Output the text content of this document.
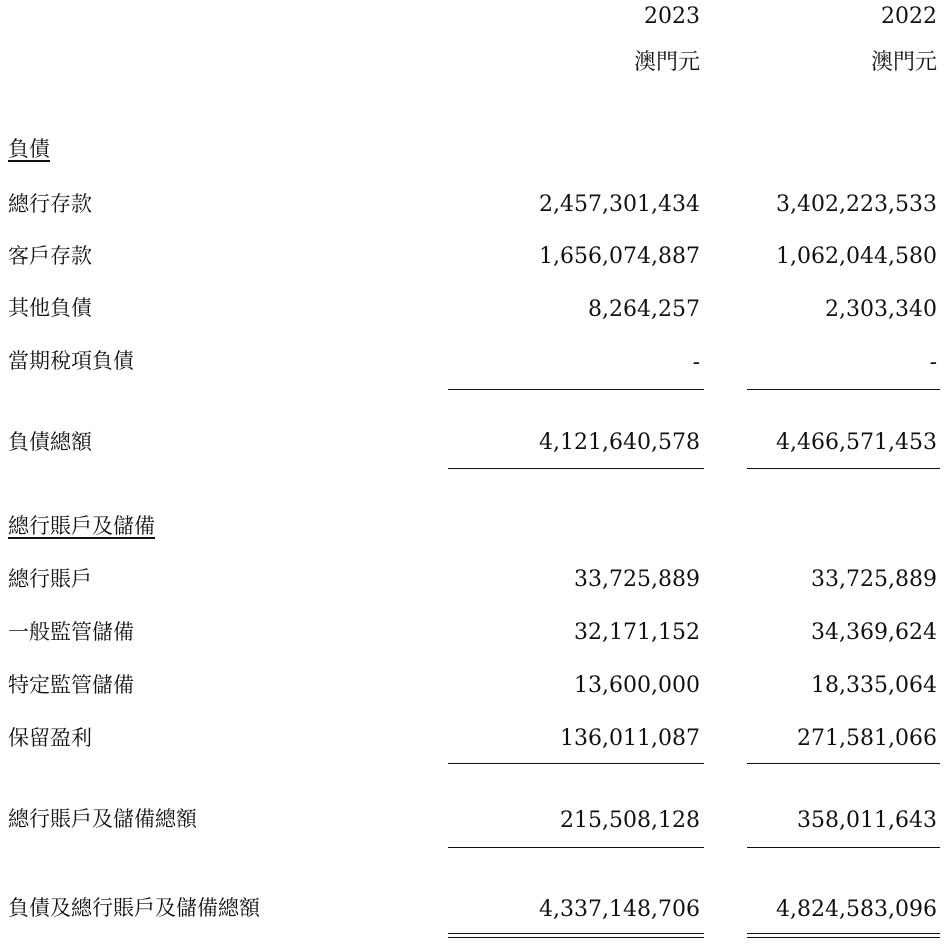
2023	2022
澳門元	澳門元
負債
總行存款	2,457,301,434	3,402,223,533
客戶存款	1,656,074,887	1,062,044,580
其他負債	8,264,257	2,303,340
當期稅項負債	-	-
負債總額	4,121,640,578	4,466,571,453
總行賬戶及儲備
總行賬戶	33,725,889	33,725,889
一般監管儲備	32,171,152	34,369,624
特定監管儲備	13,600,000	18,335,064
保留盈利	136,011,087	271,581,066
總行賬戶及儲備總額	215,508,128	358,011,643
負債及總行賬戶及儲備總額	4,337,148,706	4,824,583,096
